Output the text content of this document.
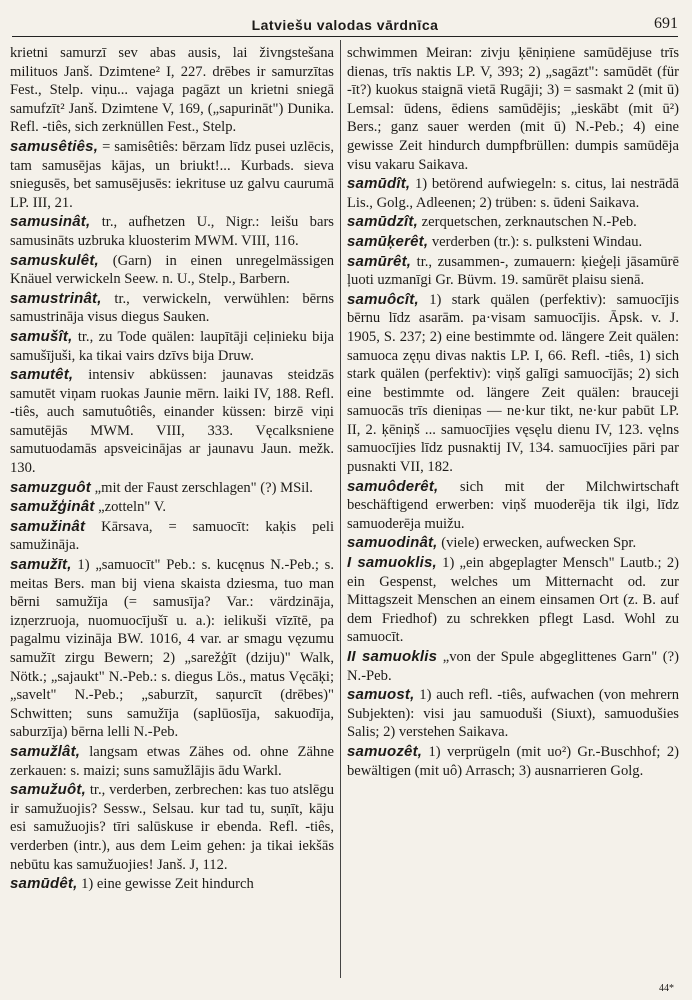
Latviešu valodas vārdnīca	691

krietni samurzī sev abas ausis, lai živngstešana milituos Janš. Dzimtene² I, 227. drēbes ir samurzītas Fest., Stelp. viņu... vajaga pagāzt un krietni sniegā samufzīt² Janš. Dzimtene V, 169, („sapurināt") Dunika. Refl. -tiês, sich zerknüllen Fest., Stelp.

samusêtiês, = samisêtiês: bērzam līdz pusei uzlēcis, tam samusējas kājas, un briukt!... Kurbads. sieva sniegusēs, bet samusējusēs: iekrituse uz galvu caurumā LP. III, 21.

samusinât, tr., aufhetzen U., Nigr.: leišu bars samusināts uzbruka kluosterim MWM. VIII, 116.

samuskulêt, (Garn) in einen unregelmässigen Knäuel verwickeln Seew. n. U., Stelp., Barbern.

samustrinât, tr., verwickeln, verwühlen: bērns samustrināja visus diegus Sauken.

samušît, tr., zu Tode quälen: laupītāji ceļinieku bija samušījuši, ka tikai vairs dzīvs bija Druw.

samutêt, intensiv abküssen: jaunavas steidzās samutēt viņam ruokas Jaunie mērn. laiki IV, 188. Refl. -tiês, auch samutuôtiês, einander küssen: birzē viņi samutējās MWM. VIII, 333. Vęcalksniene samutuodamās apsveicinājas ar jaunavu Jaun. mežk. 130.

samuzguôt „mit der Faust zerschlagen" (?) MSil.

samužģinât „zotteln" V.

samužinât Kārsava, = samuocīt: kaķis peli samužināja.

samužīt, 1) „samuocīt" Peb.: s. kucęnus N.-Peb.; s. meitas Bers. man bij viena skaista dziesma, tuo man bērni samužīja (= samusīja? Var.: värdzināja, izņerzruoja, nuomuocījušī u. a.): ielikuši vīzītē, pa pagalmu vizināja BW. 1016, 4 var. ar smagu vęzumu samužīt zirgu Bewern; 2) „sarežģīt (dziju)" Walk, Nötk.; „sajaukt" N.-Peb.: s. diegus Lös., matus Vęcāķi; „savelt" N.-Peb.; „saburzīt, saņurcīt (drēbes)" Schwitten; suns samužīja (saplūosīja, sakuodīja, saburzīja) bērna lelli N.-Peb.

samužlât, langsam etwas Zähes od. ohne Zähne zerkauen: s. maizi; suns samužlājis ādu Warkl.

samužuôt, tr., verderben, zerbrechen: kas tuo atslēgu ir samužuojis? Sessw., Selsau. kur tad tu, suņīt, kāju esi samužuojis? tīri salūskuse ir ebenda. Refl. -tiês, verderben (intr.), aus dem Leim gehen: ja tikai iekšās nebūtu kas samužuojies! Janš. J, 112.

samūdêt, 1) eine gewisse Zeit hindurch

schwimmen Meiran: zivju ķēniņiene samūdējuse trīs dienas, trīs naktis LP. V, 393; 2) „sagāzt": samūdēt (für -īt?) kuokus staignā vietā Rugāji; 3) = sasmakt 2 (mit ū) Lemsal: ūdens, ēdiens samūdējis; „ieskābt (mit ū²) Bers.; ganz sauer werden (mit ū) N.-Peb.; 4) eine gewisse Zeit hindurch dumpfbrüllen: dumpis samūdēja visu vakaru Saikava.

samūdît, 1) betörend aufwiegeln: s. citus, lai nestrādā Lis., Golg., Adleenen; 2) trüben: s. ūdeni Saikava.

samūdzît, zerquetschen, zerknautschen N.-Peb.

samūķerêt, verderben (tr.): s. pulksteni Windau.

samūrêt, tr., zusammen-, zumauern: ķieģeļi jāsamūrē ļuoti uzmanīgi Gr. Büvm. 19. samūrēt plaisu sienā.

samuôcît, 1) stark quälen (perfektiv): samuocījis bērnu līdz asarām. pa·visam samuocījis. Āpsk. v. J. 1905, S. 237; 2) eine bestimmte od. längere Zeit quälen: samuoca zęņu divas naktis LP. I, 66. Refl. -tiês, 1) sich stark quälen (perfektiv): viņš galīgi samuocījās; 2) sich eine bestimmte od. längere Zeit quälen: brauceji samuocās trīs dieniņas — ne·kur tikt, ne·kur pabūt LP. II, 2. ķēniņš ... samuocījies vęsęlu dienu IV, 123. vęlns samuocījies līdz pusnaktij IV, 134. samuocījies pāri par pusnakti VII, 182.

samuôderêt, sich mit der Milchwirtschaft beschäftigend erwerben: viņš muoderēja tik ilgi, līdz samuoderēja muižu.

samuodinât, (viele) erwecken, aufwecken Spr.

I samuoklis, 1) „ein abgeplagter Mensch" Lautb.; 2) ein Gespenst, welches um Mitternacht od. zur Mittagszeit Menschen an einem einsamen Ort (z. B. auf dem Friedhof) zu schrekken pflegt Lasd. Wohl zu samuocīt.

II samuoklis „von der Spule abgeglittenes Garn" (?) N.-Peb.

samuost, 1) auch refl. -tiês, aufwachen (von mehrern Subjekten): visi jau samuoduši (Siuxt), samuodušies Salis; 2) verstehen Saikava.

samuozêt, 1) verprügeln (mit uo²) Gr.-Buschhof; 2) bewältigen (mit uô) Arrasch; 3) ausnarrieren Golg.

44*
